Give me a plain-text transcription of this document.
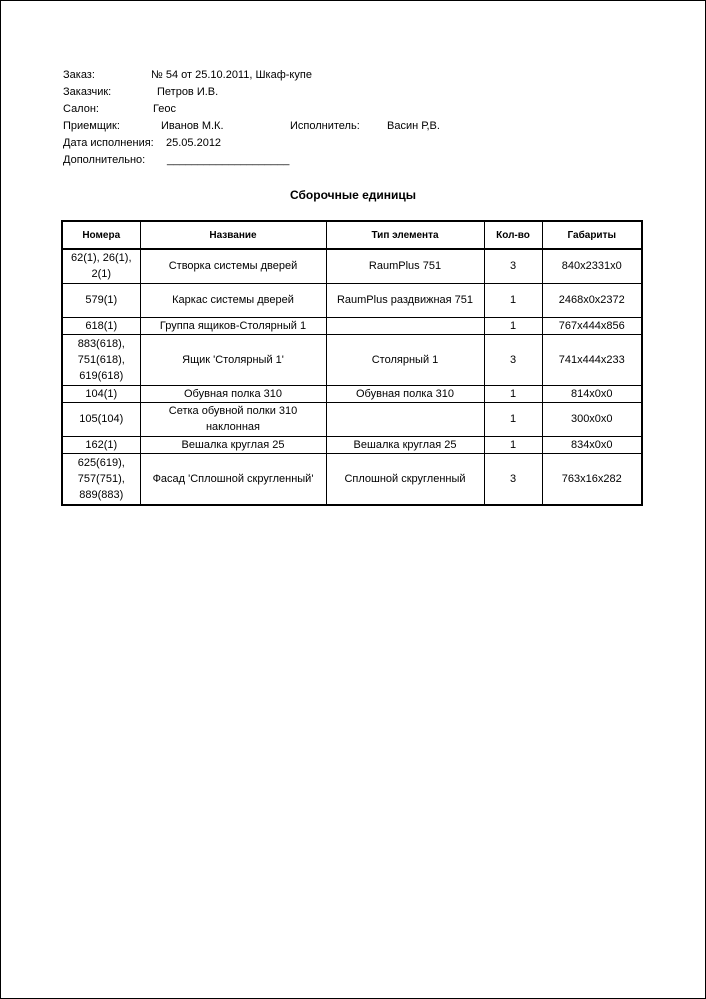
Заказ:	№ 54 от 25.10.2011, Шкаф-купе
Заказчик:	Петров И.В.
Салон:	Геос
Приемщик:	Иванов М.К.	Исполнитель: Васин Р,В.
Дата исполнения: 25.05.2012
Дополнительно: ____________________
Сборочные единицы
Номера	Название	Тип элемента	Кол-во	Габариты
62(1), 26(1), 2(1)	Створка системы дверей	RaumPlus 751	3	840x2331x0
579(1)	Каркас системы дверей	RaumPlus раздвижная 751	1	2468x0x2372
618(1)	Группа ящиков-Столярный 1		1	767x444x856
883(618), 751(618), 619(618)	Ящик 'Столярный 1'	Столярный 1	3	741x444x233
104(1)	Обувная полка 310	Обувная полка 310	1	814x0x0
105(104)	Сетка обувной полки 310 наклонная		1	300x0x0
162(1)	Вешалка круглая 25	Вешалка круглая 25	1	834x0x0
625(619), 757(751), 889(883)	Фасад 'Сплошной скругленный'	Сплошной скругленный	3	763x16x282
